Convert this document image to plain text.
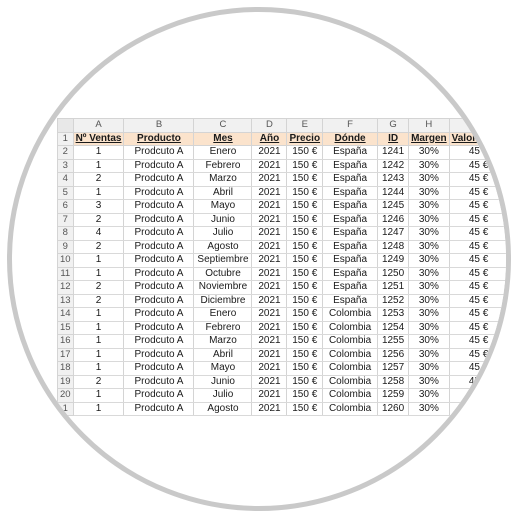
	A	B	C	D	E	F	G	H	I
1	Nº Ventas	Producto	Mes	Año	Precio	Dónde	ID	Margen	Valor Marg.
2	1	Prodcuto A	Enero	2021	150 €	España	1241	30%	45 €
3	1	Prodcuto A	Febrero	2021	150 €	España	1242	30%	45 €
4	2	Prodcuto A	Marzo	2021	150 €	España	1243	30%	45 €
5	1	Prodcuto A	Abril	2021	150 €	España	1244	30%	45 €
6	3	Prodcuto A	Mayo	2021	150 €	España	1245	30%	45 €
7	2	Prodcuto A	Junio	2021	150 €	España	1246	30%	45 €
8	4	Prodcuto A	Julio	2021	150 €	España	1247	30%	45 €
9	2	Prodcuto A	Agosto	2021	150 €	España	1248	30%	45 €
10	1	Prodcuto A	Septiembre	2021	150 €	España	1249	30%	45 €
11	1	Prodcuto A	Octubre	2021	150 €	España	1250	30%	45 €
12	2	Prodcuto A	Noviembre	2021	150 €	España	1251	30%	45 €
13	2	Prodcuto A	Diciembre	2021	150 €	España	1252	30%	45 €
14	1	Prodcuto A	Enero	2021	150 €	Colombia	1253	30%	45 €
15	1	Prodcuto A	Febrero	2021	150 €	Colombia	1254	30%	45 €
16	1	Prodcuto A	Marzo	2021	150 €	Colombia	1255	30%	45 €
17	1	Prodcuto A	Abril	2021	150 €	Colombia	1256	30%	45 €
18	1	Prodcuto A	Mayo	2021	150 €	Colombia	1257	30%	45 €
19	2	Prodcuto A	Junio	2021	150 €	Colombia	1258	30%	45 €
20	1	Prodcuto A	Julio	2021	150 €	Colombia	1259	30%	45 €
1	1	Prodcuto A	Agosto	2021	150 €	Colombia	1260	30%	45 €
